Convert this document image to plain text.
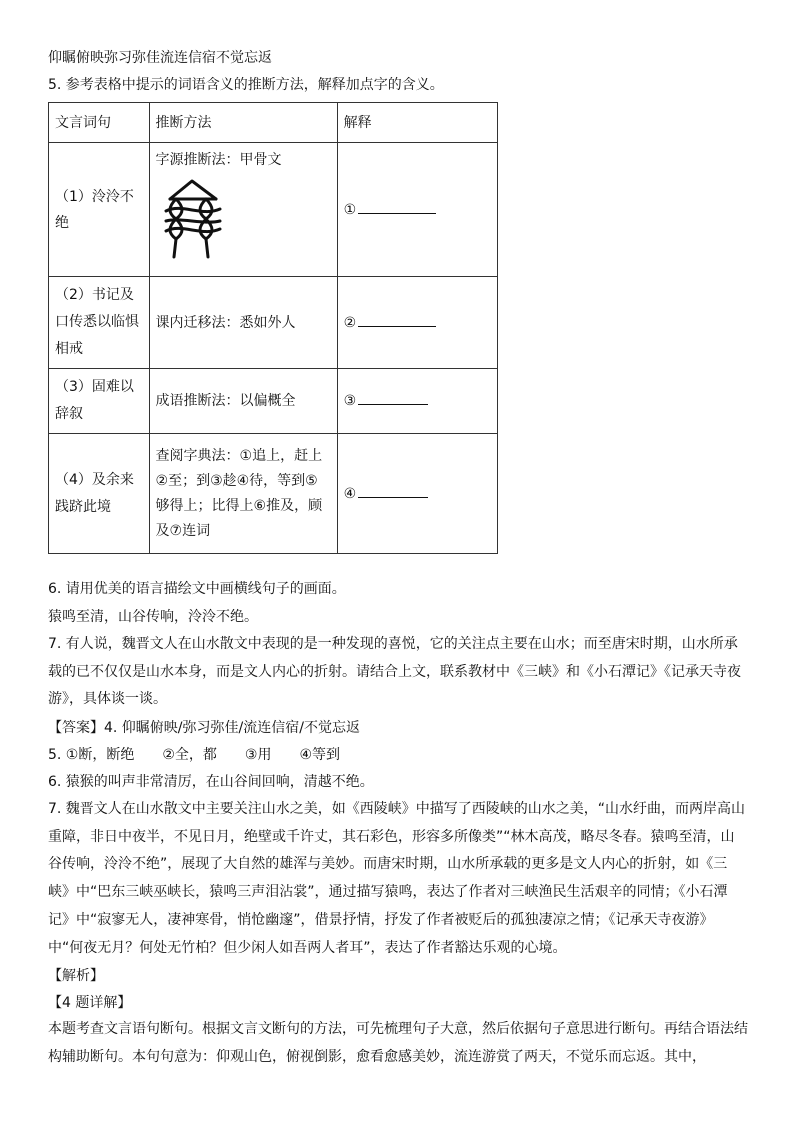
仰瞩俯映弥习弥佳流连信宿不觉忘返
5. 参考表格中提示的词语含义的推断方法，解释加点字的含义。
文言词句	推断方法	解释
（1）泠泠不绝	字源推断法：甲骨文	①
（2）书记及口传悉以临惧相戒	课内迁移法：悉如外人	②
（3）固难以辞叙	成语推断法：以偏概全	③
（4）及余来践跻此境	查阅字典法：①追上，赶上②至；到③趁④待，等到⑤够得上；比得上⑥推及，顾及⑦连词	④
6. 请用优美的语言描绘文中画横线句子的画面。
猿鸣至清，山谷传响，泠泠不绝。
7. 有人说，魏晋文人在山水散文中表现的是一种发现的喜悦，它的关注点主要在山水；而至唐宋时期，山水所承载的已不仅仅是山水本身，而是文人内心的折射。请结合上文，联系教材中《三峡》和《小石潭记》《记承天寺夜游》，具体谈一谈。
【答案】4. 仰瞩俯映/弥习弥佳/流连信宿/不觉忘返
5. ①断，断绝　　②全，都　　③用　　④等到
6. 猿猴的叫声非常清厉，在山谷间回响，清越不绝。
7. 魏晋文人在山水散文中主要关注山水之美，如《西陵峡》中描写了西陵峡的山水之美，“山水纡曲，而两岸高山重障，非日中夜半，不见日月，绝壁或千许丈，其石彩色，形容多所像类”“林木高茂，略尽冬春。猿鸣至清，山谷传响，泠泠不绝”，展现了大自然的雄浑与美妙。而唐宋时期，山水所承载的更多是文人内心的折射，如《三峡》中“巴东三峡巫峡长，猿鸣三声泪沾裳”，通过描写猿鸣，表达了作者对三峡渔民生活艰辛的同情；《小石潭记》中“寂寥无人，凄神寒骨，悄怆幽邃”，借景抒情，抒发了作者被贬后的孤独凄凉之情；《记承天寺夜游》中“何夜无月？何处无竹柏？但少闲人如吾两人者耳”，表达了作者豁达乐观的心境。
【解析】
【4 题详解】
本题考查文言语句断句。根据文言文断句的方法，可先梳理句子大意，然后依据句子意思进行断句。再结合语法结构辅助断句。本句句意为：仰观山色，俯视倒影，愈看愈感美妙，流连游赏了两天，不觉乐而忘返。其中，
